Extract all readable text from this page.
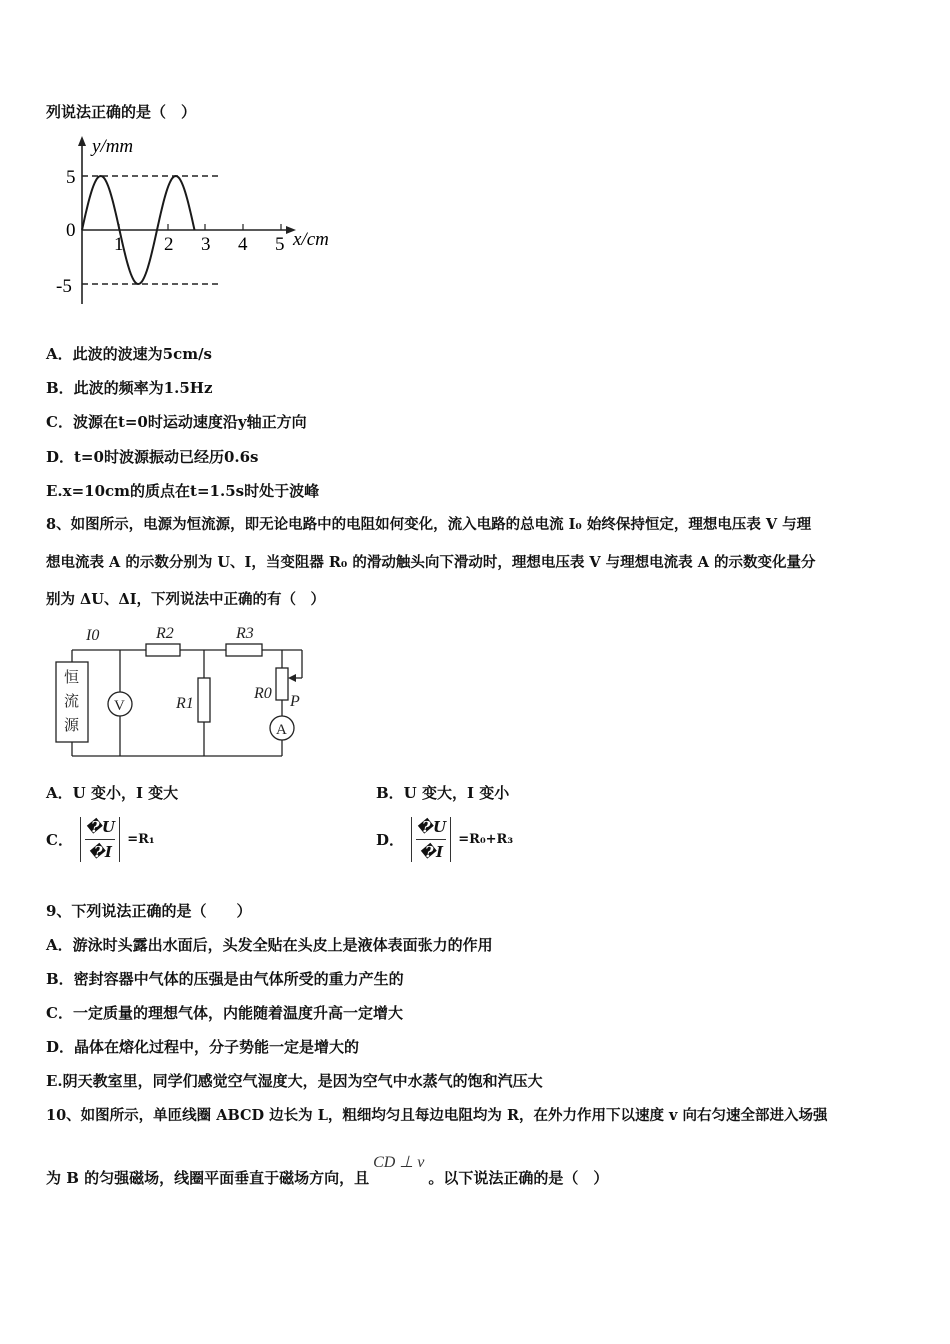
列说法正确的是（　）
y/mm
5
0
-5
1 2 3 4 5 x/cm
A．此波的波速为5cm/s
B．此波的频率为1.5Hz
C．波源在t=0时运动速度沿y轴正方向
D．t=0时波源振动已经历0.6s
E.x=10cm的质点在t=1.5s时处于波峰
8、如图所示，电源为恒流源，即无论电路中的电阻如何变化，流入电路的总电流 I₀ 始终保持恒定，理想电压表 V 与理
想电流表 A 的示数分别为 U、I，当变阻器 R₀ 的滑动触头向下滑动时，理想电压表 V 与理想电流表 A 的示数变化量分
别为 ΔU、ΔI，下列说法中正确的有（　）
恒
流
源
I0	R2	R3
R1
R0 P
V
A
A．U 变小，I 变大	B．U 变大，I 变小
C． $\frac{�U}{�I} =R_1$	D． $\frac{�U}{�I} =R_0+R_3$
9、下列说法正确的是（　　）
A．游泳时头露出水面后，头发全贴在头皮上是液体表面张力的作用
B．密封容器中气体的压强是由气体所受的重力产生的
C．一定质量的理想气体，内能随着温度升高一定增大
D．晶体在熔化过程中，分子势能一定是增大的
E.阴天教室里，同学们感觉空气湿度大，是因为空气中水蒸气的饱和汽压大
10、如图所示，单匝线圈 ABCD 边长为 L，粗细均匀且每边电阻均为 R，在外力作用下以速度 v 向右匀速全部进入场强
为 B 的匀强磁场，线圈平面垂直于磁场方向，且CD ⊥ v。以下说法正确的是（　）
